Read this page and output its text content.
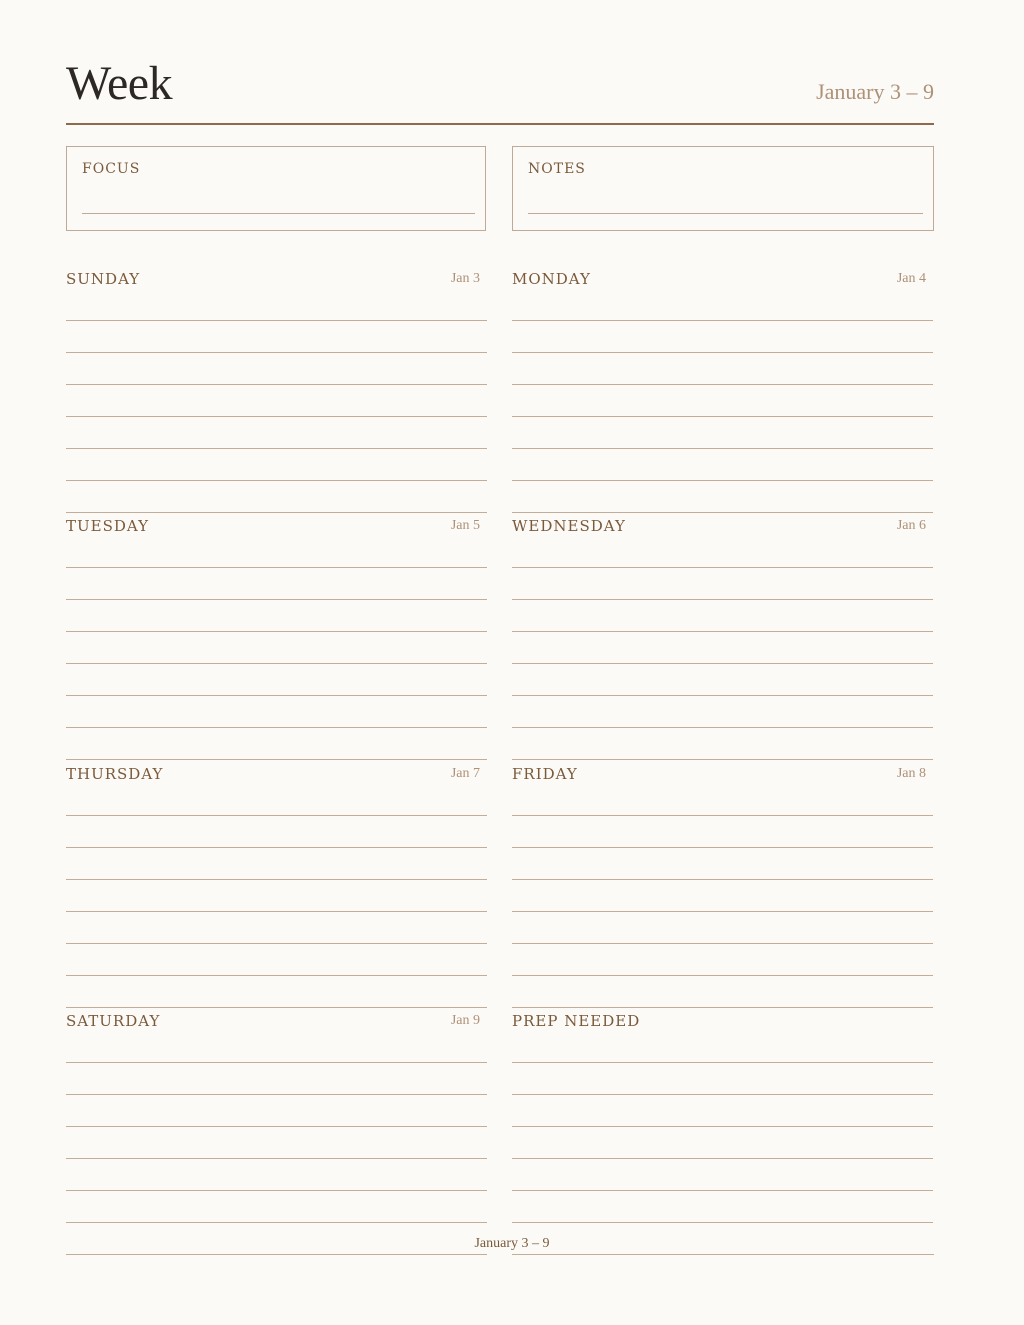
Week	January 3 – 9
FOCUS	NOTES
SUNDAY	Jan 3 MONDAY	Jan 4
TUESDAY	Jan 5 WEDNESDAY	Jan 6
THURSDAY	Jan 7 FRIDAY	Jan 8
SATURDAY	Jan 9 PREP NEEDED
January 3 – 9
